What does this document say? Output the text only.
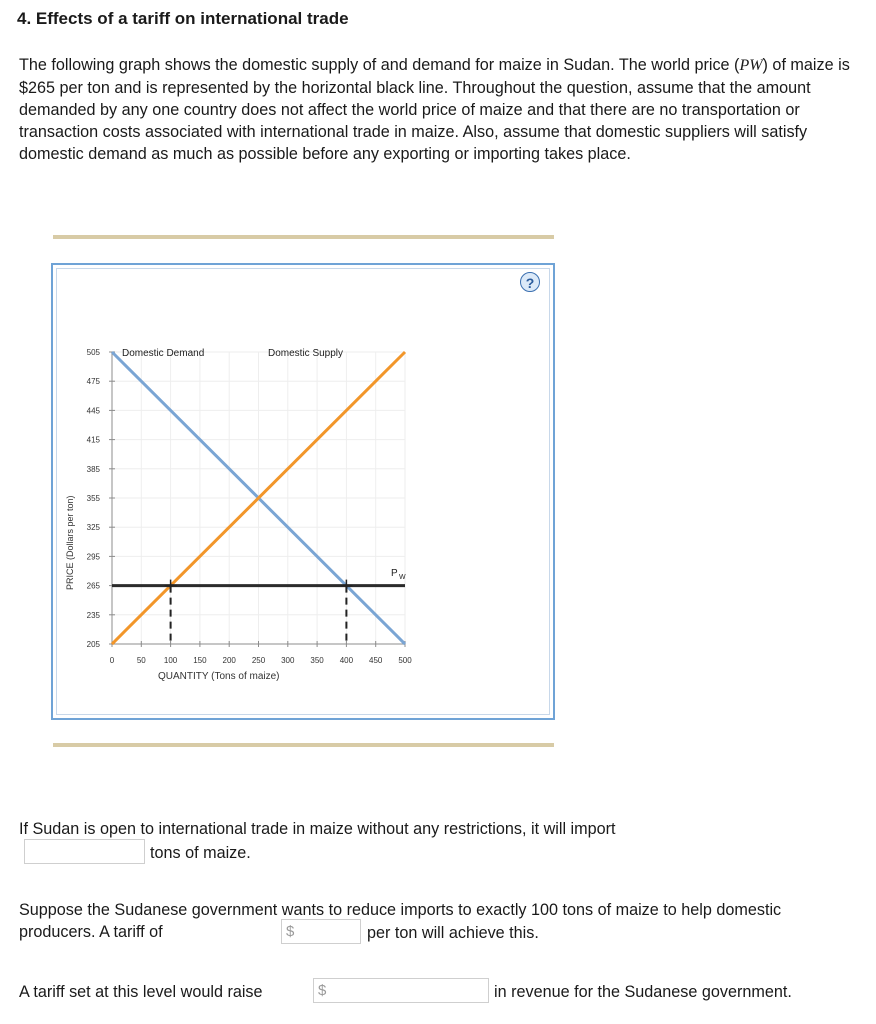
4. Effects of a tariff on international trade
The following graph shows the domestic supply of and demand for maize in Sudan. The world price (PW) of maize is $265 per ton and is represented by the horizontal black line. Throughout the question, assume that the amount demanded by any one country does not affect the world price of maize and that there are no transportation or transaction costs associated with international trade in maize. Also, assume that domestic suppliers will satisfy domestic demand as much as possible before any exporting or importing takes place.
?
205
235
265
295
325
355
385
415
445
475
505
0	50 100 150 200 250 300 350 400 450 500
QUANTITY (Tons of maize)
PRICE (Dollars per ton)
Domestic Demand	Domestic Supply
P W
If Sudan is open to international trade in maize without any restrictions, it will import
tons of maize.
Suppose the Sudanese government wants to reduce imports to exactly 100 tons of maize to help domestic producers. A tariff of	$	per ton will achieve this.
A tariff set at this level would raise	$	in revenue for the Sudanese government.
